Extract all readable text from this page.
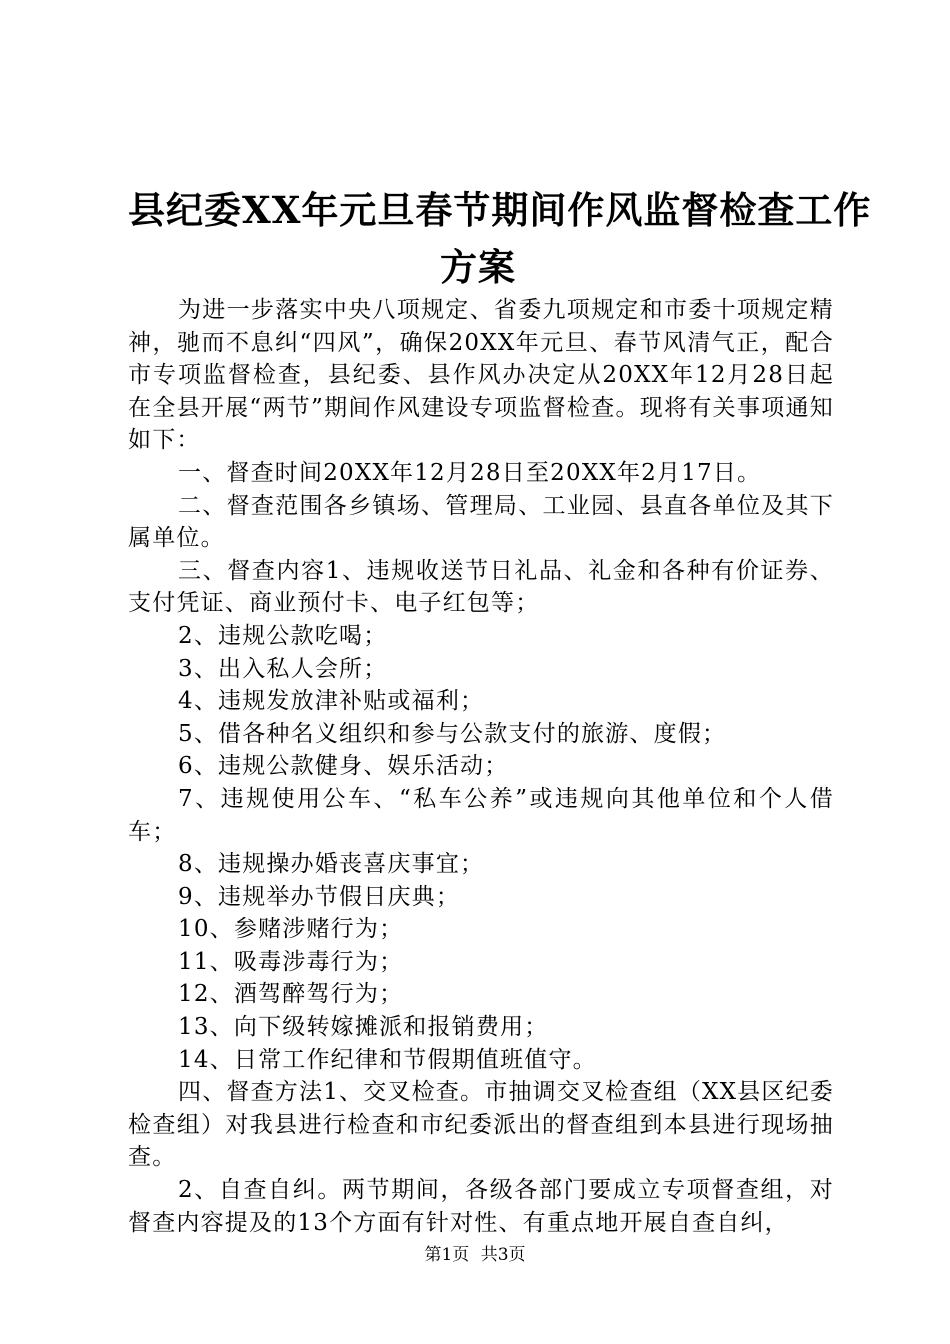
县纪委XX年元旦春节期间作风监督检查工作
方案

为进一步落实中央八项规定、省委九项规定和市委十项规定精神，驰而不息纠“四风”，确保20XX年元旦、春节风清气正，配合市专项监督检查，县纪委、县作风办决定从20XX年12月28日起在全县开展“两节”期间作风建设专项监督检查。现将有关事项通知如下：

一、督查时间20XX年12月28日至20XX年2月17日。

二、督查范围各乡镇场、管理局、工业园、县直各单位及其下属单位。

三、督查内容1、违规收送节日礼品、礼金和各种有价证券、支付凭证、商业预付卡、电子红包等；

2、违规公款吃喝；

3、出入私人会所；

4、违规发放津补贴或福利；

5、借各种名义组织和参与公款支付的旅游、度假；

6、违规公款健身、娱乐活动；

7、违规使用公车、“私车公养”或违规向其他单位和个人借车；

8、违规操办婚丧喜庆事宜；

9、违规举办节假日庆典；

10、参赌涉赌行为；

11、吸毒涉毒行为；

12、酒驾醉驾行为；

13、向下级转嫁摊派和报销费用；

14、日常工作纪律和节假期值班值守。

四、督查方法1、交叉检查。市抽调交叉检查组（XX县区纪委检查组）对我县进行检查和市纪委派出的督查组到本县进行现场抽查。

2、自查自纠。两节期间，各级各部门要成立专项督查组，对督查内容提及的13个方面有针对性、有重点地开展自查自纠，

第1页 共3页
